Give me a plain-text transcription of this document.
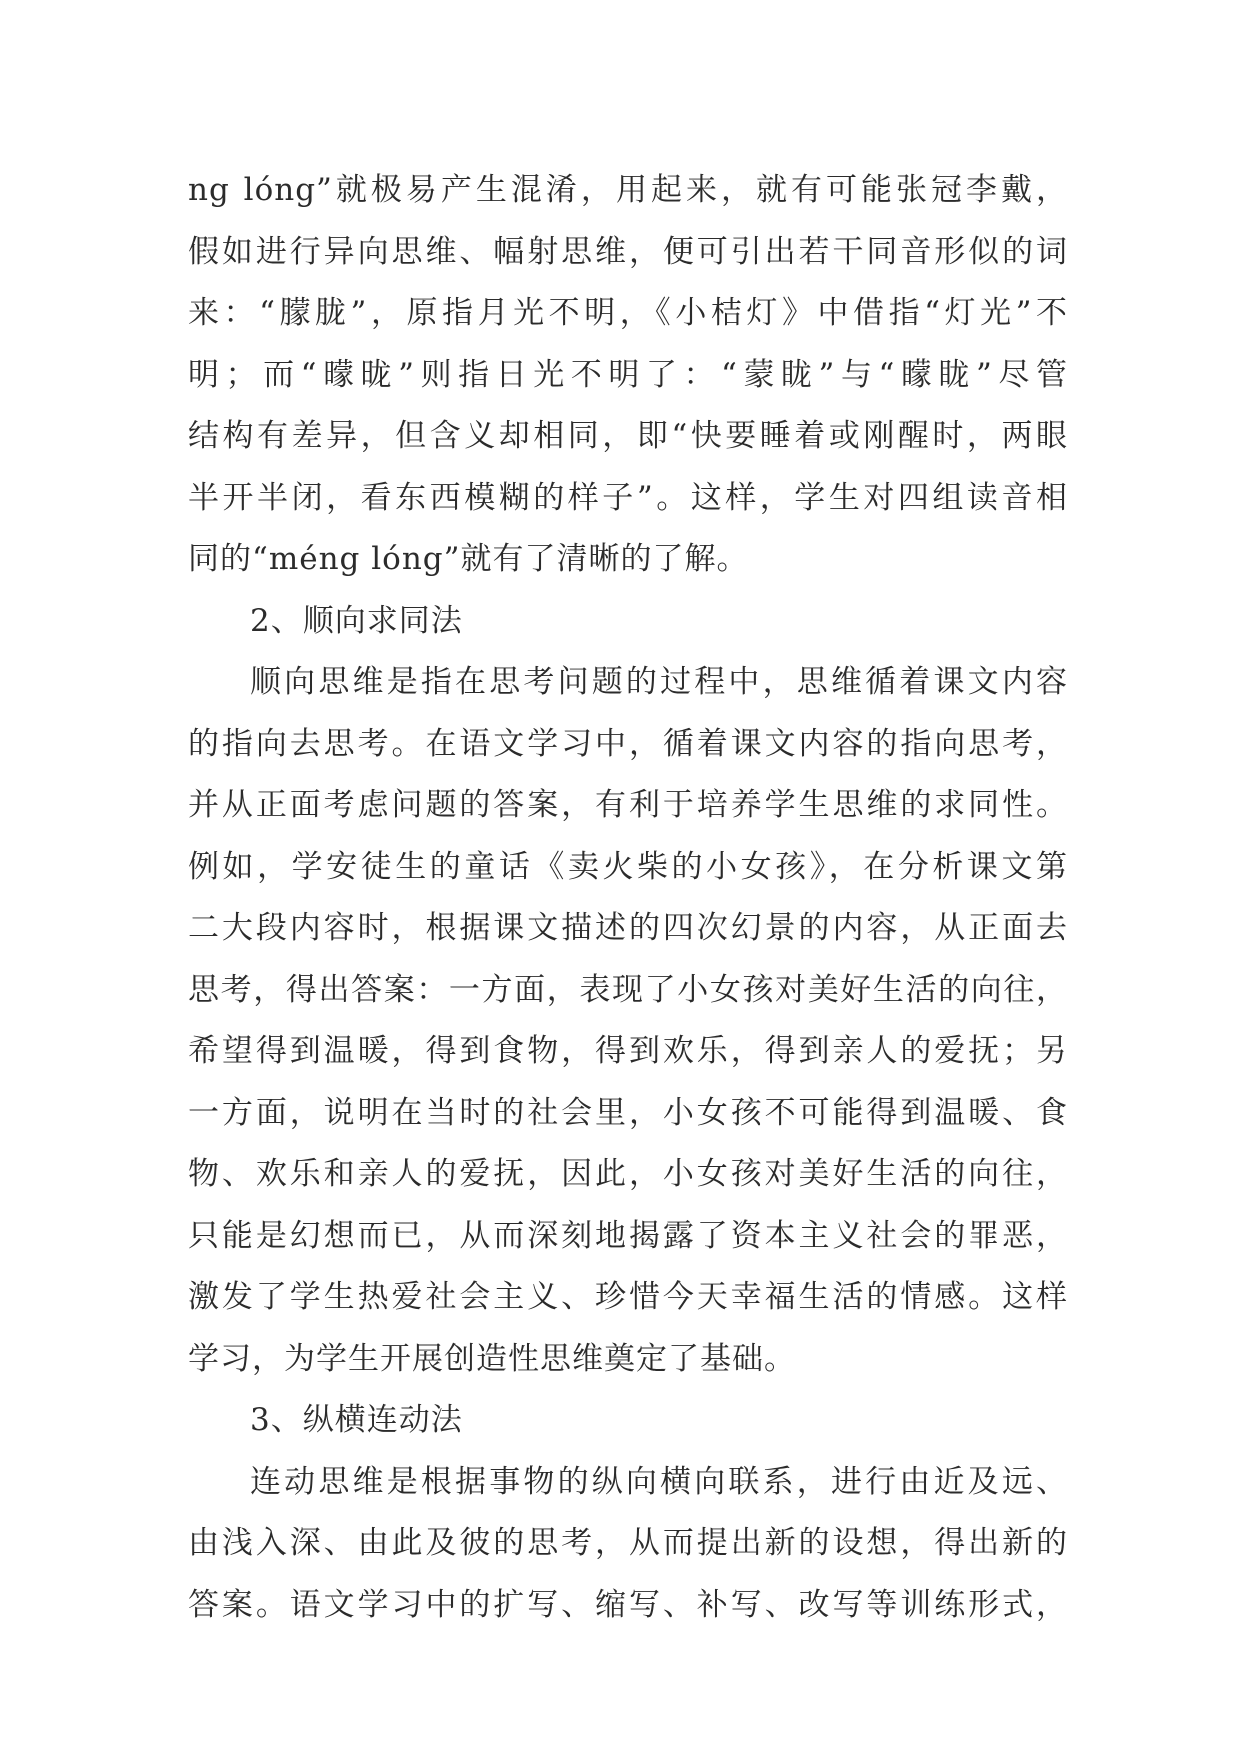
ng lóng”就极易产生混淆，用起来，就有可能张冠李戴，
假如进行异向思维、幅射思维，便可引出若干同音形似的词
来：“朦胧”，原指月光不明，《小桔灯》中借指“灯光”不
明；而“曚昽”则指日光不明了：“蒙眬”与“矇眬”尽管
结构有差异，但含义却相同，即“快要睡着或刚醒时，两眼
半开半闭，看东西模糊的样子”。这样，学生对四组读音相
同的“méng lóng”就有了清晰的了解。
2、顺向求同法
顺向思维是指在思考问题的过程中，思维循着课文内容
的指向去思考。在语文学习中，循着课文内容的指向思考，
并从正面考虑问题的答案，有利于培养学生思维的求同性。
例如，学安徒生的童话《卖火柴的小女孩》，在分析课文第
二大段内容时，根据课文描述的四次幻景的内容，从正面去
思考，得出答案：一方面，表现了小女孩对美好生活的向往，
希望得到温暖，得到食物，得到欢乐，得到亲人的爱抚；另
一方面，说明在当时的社会里，小女孩不可能得到温暖、食
物、欢乐和亲人的爱抚，因此，小女孩对美好生活的向往，
只能是幻想而已，从而深刻地揭露了资本主义社会的罪恶，
激发了学生热爱社会主义、珍惜今天幸福生活的情感。这样
学习，为学生开展创造性思维奠定了基础。
3、纵横连动法
连动思维是根据事物的纵向横向联系，进行由近及远、
由浅入深、由此及彼的思考，从而提出新的设想，得出新的
答案。语文学习中的扩写、缩写、补写、改写等训练形式，
